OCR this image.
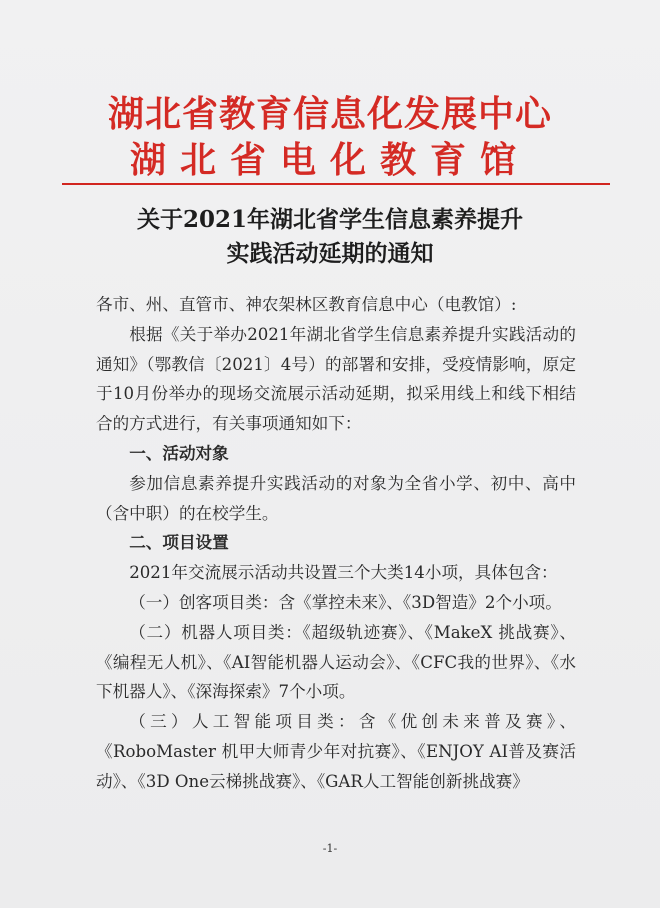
湖北省教育信息化发展中心
湖北省电化教育馆
关于2021年湖北省学生信息素养提升
实践活动延期的通知

各市、州、直管市、神农架林区教育信息中心（电教馆）:

根据《关于举办2021年湖北省学生信息素养提升实践活动的通知》（鄂教信〔2021〕4号）的部署和安排，受疫情影响，原定于10月份举办的现场交流展示活动延期，拟采用线上和线下相结合的方式进行，有关事项通知如下：

一、活动对象

参加信息素养提升实践活动的对象为全省小学、初中、高中（含中职）的在校学生。

二、项目设置

2021年交流展示活动共设置三个大类14小项，具体包含：

（一）创客项目类：含《掌控未来》、《3D智造》2个小项。

（二）机器人项目类：《超级轨迹赛》、《MakeX 挑战赛》、《编程无人机》、《AI智能机器人运动会》、《CFC我的世界》、《水下机器人》、《深海探索》7个小项。

（三）人工智能项目类：含《优创未来普及赛》、《RoboMaster 机甲大师青少年对抗赛》、《ENJOY AI普及赛活动》、《3D One云梯挑战赛》、《GAR人工智能创新挑战赛》

-1-
